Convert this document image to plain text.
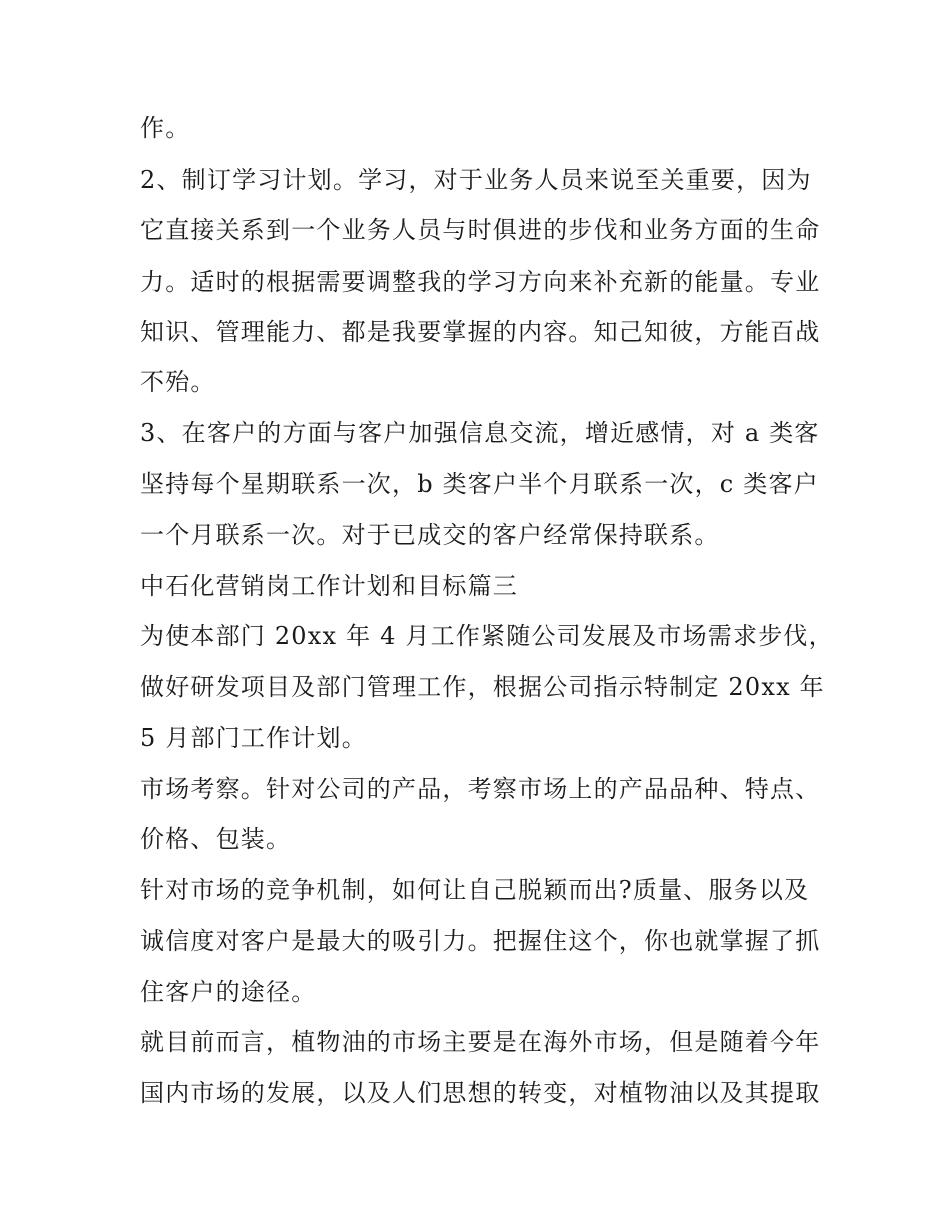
作。
2、制订学习计划。学习，对于业务人员来说至关重要，因为
它直接关系到一个业务人员与时俱进的步伐和业务方面的生命
力。适时的根据需要调整我的学习方向来补充新的能量。专业
知识、管理能力、都是我要掌握的内容。知己知彼，方能百战
不殆。
3、在客户的方面与客户加强信息交流，增近感情，对 a 类客
坚持每个星期联系一次，b 类客户半个月联系一次，c 类客户
一个月联系一次。对于已成交的客户经常保持联系。
中石化营销岗工作计划和目标篇三
为使本部门 20xx 年 4 月工作紧随公司发展及市场需求步伐，
做好研发项目及部门管理工作，根据公司指示特制定 20xx 年
5 月部门工作计划。
市场考察。针对公司的产品，考察市场上的产品品种、特点、
价格、包装。
针对市场的竞争机制，如何让自己脱颖而出?质量、服务以及
诚信度对客户是最大的吸引力。把握住这个，你也就掌握了抓
住客户的途径。
就目前而言，植物油的市场主要是在海外市场，但是随着今年
国内市场的发展，以及人们思想的转变，对植物油以及其提取
